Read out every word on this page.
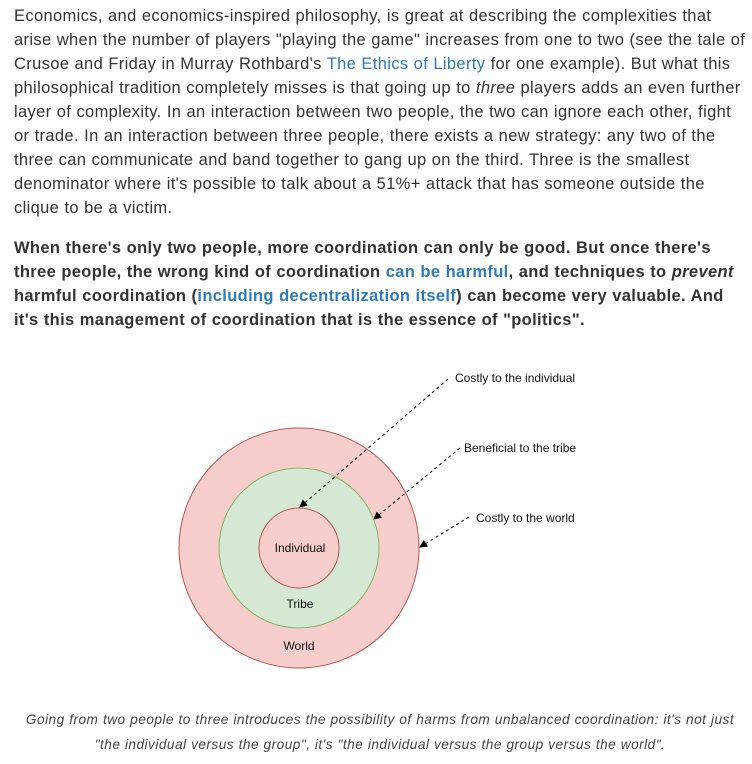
Economics, and economics-inspired philosophy, is great at describing the complexities that arise when the number of players "playing the game" increases from one to two (see the tale of Crusoe and Friday in Murray Rothbard's The Ethics of Liberty for one example). But what this philosophical tradition completely misses is that going up to three players adds an even further layer of complexity. In an interaction between two people, the two can ignore each other, fight or trade. In an interaction between three people, there exists a new strategy: any two of the three can communicate and band together to gang up on the third. Three is the smallest denominator where it's possible to talk about a 51%+ attack that has someone outside the clique to be a victim.

When there's only two people, more coordination can only be good. But once there's three people, the wrong kind of coordination can be harmful, and techniques to prevent harmful coordination (including decentralization itself) can become very valuable. And it's this management of coordination that is the essence of "politics".

Individual
Tribe
World
Costly to the individual
Beneficial to the tribe
Costly to the world
Going from two people to three introduces the possibility of harms from unbalanced coordination: it's not just "the individual versus the group", it's "the individual versus the group versus the world".
